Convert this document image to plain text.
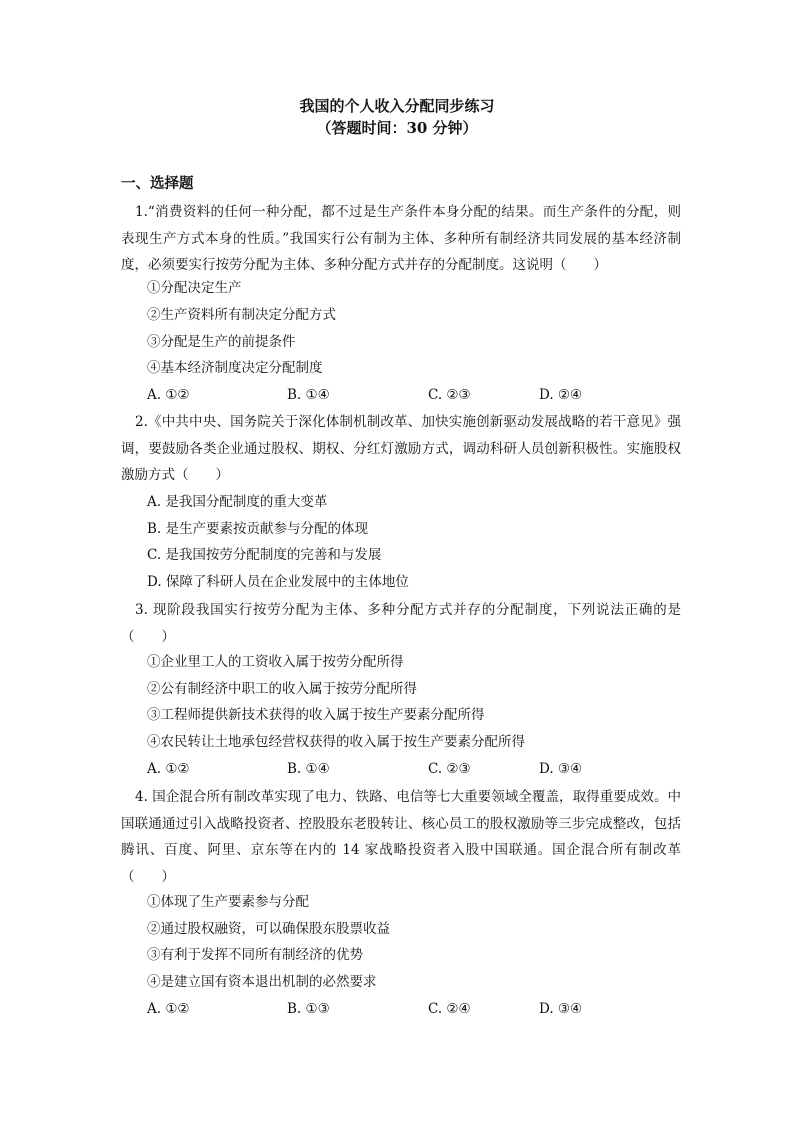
我国的个人收入分配同步练习
（答题时间：30 分钟）
一、选择题
1.“消费资料的任何一种分配，都不过是生产条件本身分配的结果。而生产条件的分配，则表现生产方式本身的性质。”我国实行公有制为主体、多种所有制经济共同发展的基本经济制度，必须要实行按劳分配为主体、多种分配方式并存的分配制度。这说明（　　）
①分配决定生产
②生产资料所有制决定分配方式
③分配是生产的前提条件
④基本经济制度决定分配制度
A. ①②	B. ①④	C. ②③	D. ②④
2.《中共中央、国务院关于深化体制机制改革、加快实施创新驱动发展战略的若干意见》强调，要鼓励各类企业通过股权、期权、分红灯激励方式，调动科研人员创新积极性。实施股权激励方式（　　）
A. 是我国分配制度的重大变革
B. 是生产要素按贡献参与分配的体现
C. 是我国按劳分配制度的完善和与发展
D. 保障了科研人员在企业发展中的主体地位
3. 现阶段我国实行按劳分配为主体、多种分配方式并存的分配制度，下列说法正确的是（　　）
①企业里工人的工资收入属于按劳分配所得
②公有制经济中职工的收入属于按劳分配所得
③工程师提供新技术获得的收入属于按生产要素分配所得
④农民转让土地承包经营权获得的收入属于按生产要素分配所得
A. ①②	B. ①④	C. ②③	D. ③④
4. 国企混合所有制改革实现了电力、铁路、电信等七大重要领域全覆盖，取得重要成效。中国联通通过引入战略投资者、控股股东老股转让、核心员工的股权激励等三步完成整改，包括腾讯、百度、阿里、京东等在内的 14 家战略投资者入股中国联通。国企混合所有制改革（　　）
①体现了生产要素参与分配
②通过股权融资，可以确保股东股票收益
③有利于发挥不同所有制经济的优势
④是建立国有资本退出机制的必然要求
A. ①②	B. ①③	C. ②④	D. ③④
